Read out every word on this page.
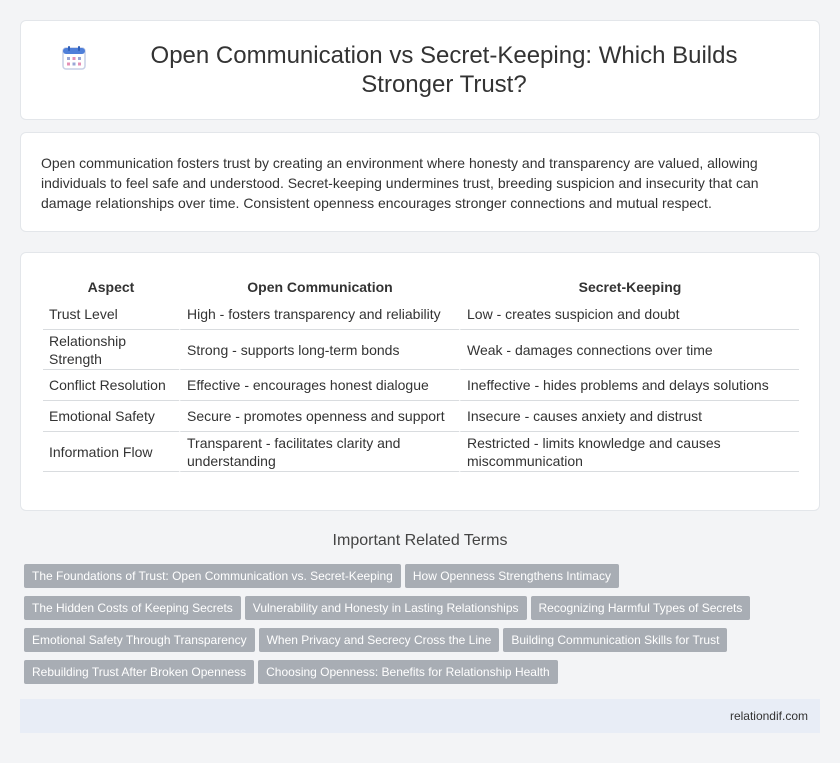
Open Communication vs Secret-Keeping: Which Builds Stronger Trust?

Open communication fosters trust by creating an environment where honesty and transparency are valued, allowing individuals to feel safe and understood. Secret-keeping undermines trust, breeding suspicion and insecurity that can damage relationships over time. Consistent openness encourages stronger connections and mutual respect.

Aspect	Open Communication	Secret-Keeping
Trust Level	High - fosters transparency and reliability	Low - creates suspicion and doubt
Relationship Strength	Strong - supports long-term bonds	Weak - damages connections over time
Conflict Resolution	Effective - encourages honest dialogue	Ineffective - hides problems and delays solutions
Emotional Safety	Secure - promotes openness and support	Insecure - causes anxiety and distrust
Information Flow	Transparent - facilitates clarity and understanding	Restricted - limits knowledge and causes miscommunication
Important Related Terms
The Foundations of Trust: Open Communication vs. Secret-Keeping How Openness Strengthens Intimacy
The Hidden Costs of Keeping Secrets Vulnerability and Honesty in Lasting Relationships Recognizing Harmful Types of Secrets
Emotional Safety Through Transparency When Privacy and Secrecy Cross the Line Building Communication Skills for Trust
Rebuilding Trust After Broken Openness Choosing Openness: Benefits for Relationship Health
relationdif.com
